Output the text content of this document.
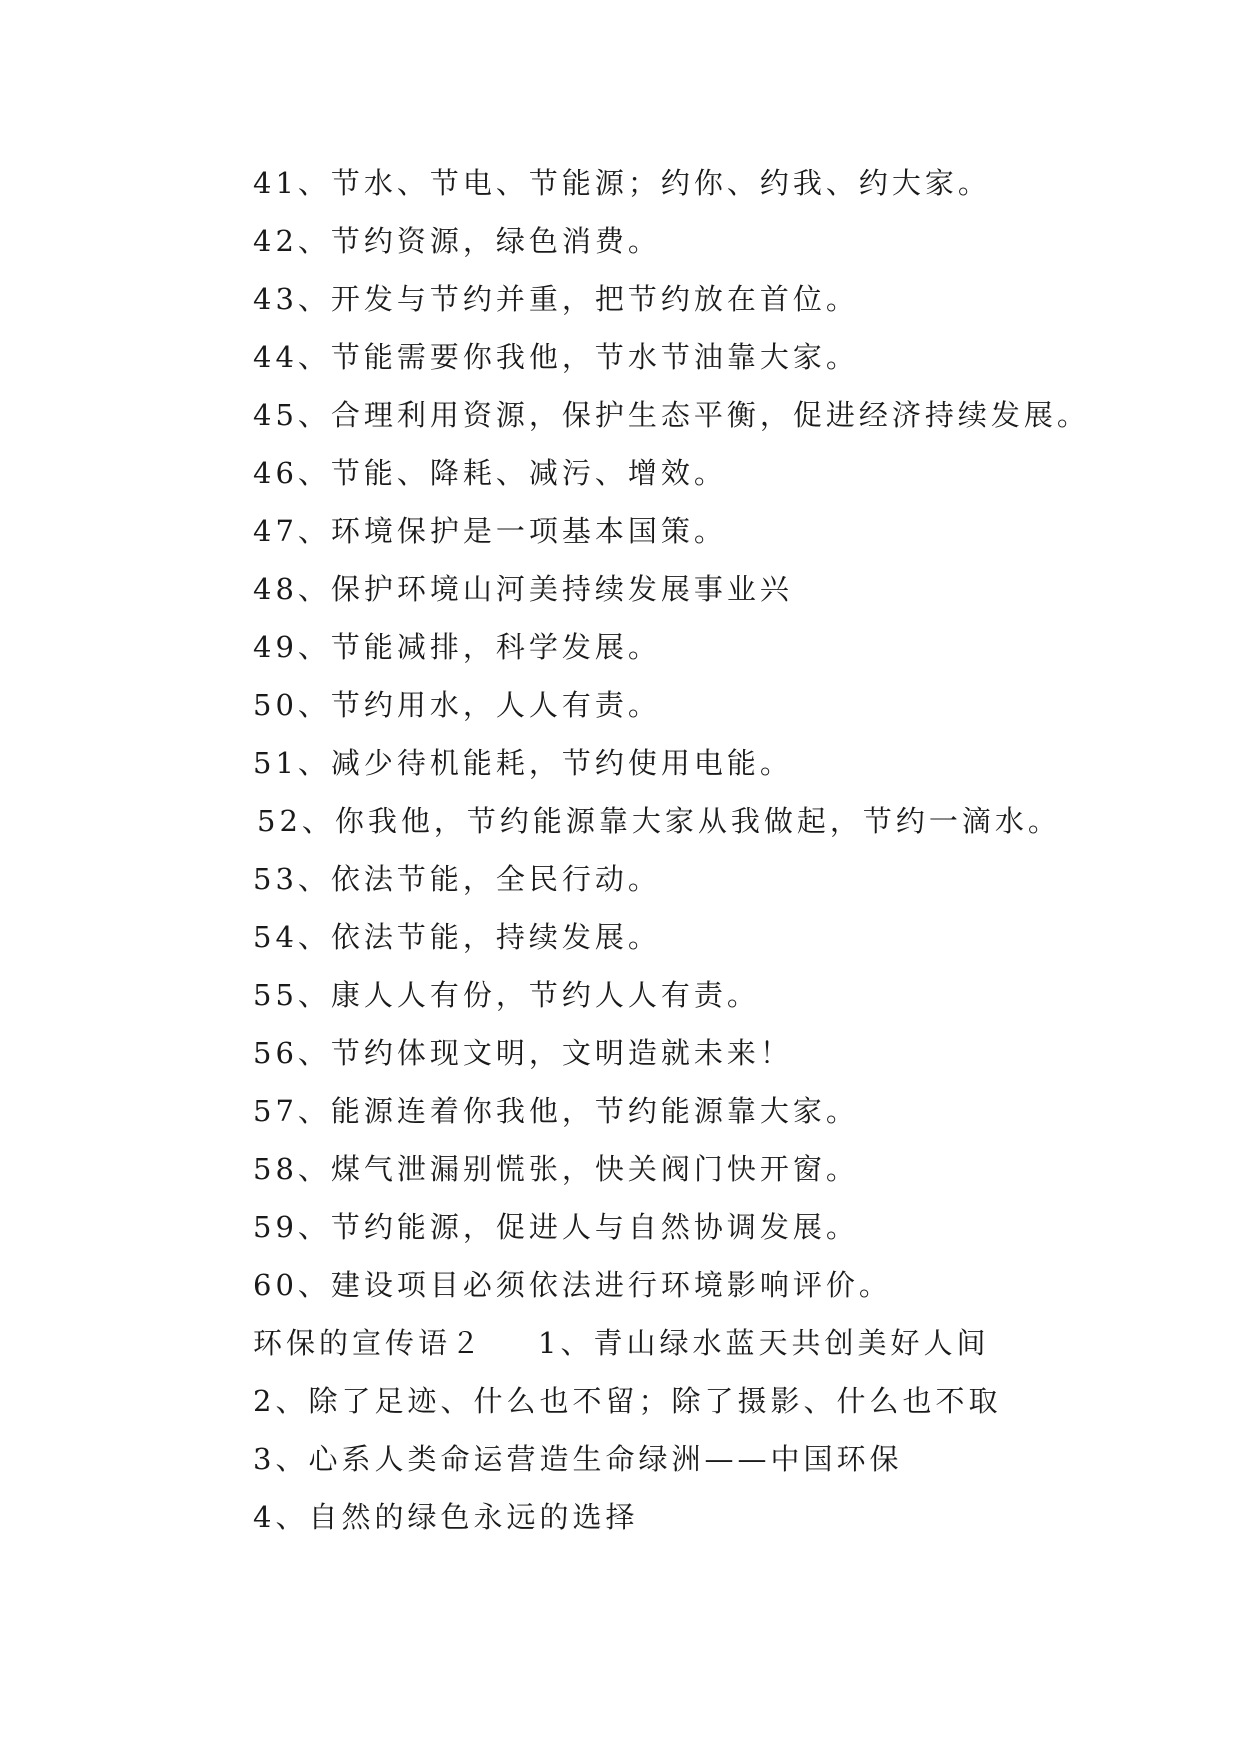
41、节水、节电、节能源；约你、约我、约大家。
42、节约资源，绿色消费。
43、开发与节约并重，把节约放在首位。
44、节能需要你我他，节水节油靠大家。
45、合理利用资源，保护生态平衡，促进经济持续发展。
46、节能、降耗、减污、增效。
47、环境保护是一项基本国策。
48、保护环境山河美持续发展事业兴
49、节能减排，科学发展。
50、节约用水，人人有责。
51、减少待机能耗，节约使用电能。
52、你我他，节约能源靠大家从我做起，节约一滴水。
53、依法节能，全民行动。
54、依法节能，持续发展。
55、康人人有份，节约人人有责。
56、节约体现文明，文明造就未来！
57、能源连着你我他，节约能源靠大家。
58、煤气泄漏别慌张，快关阀门快开窗。
59、节约能源，促进人与自然协调发展。
60、建设项目必须依法进行环境影响评价。
环保的宣传语２ 1、青山绿水蓝天共创美好人间
2、除了足迹、什么也不留；除了摄影、什么也不取
3、心系人类命运营造生命绿洲——中国环保
4、自然的绿色永远的选择
